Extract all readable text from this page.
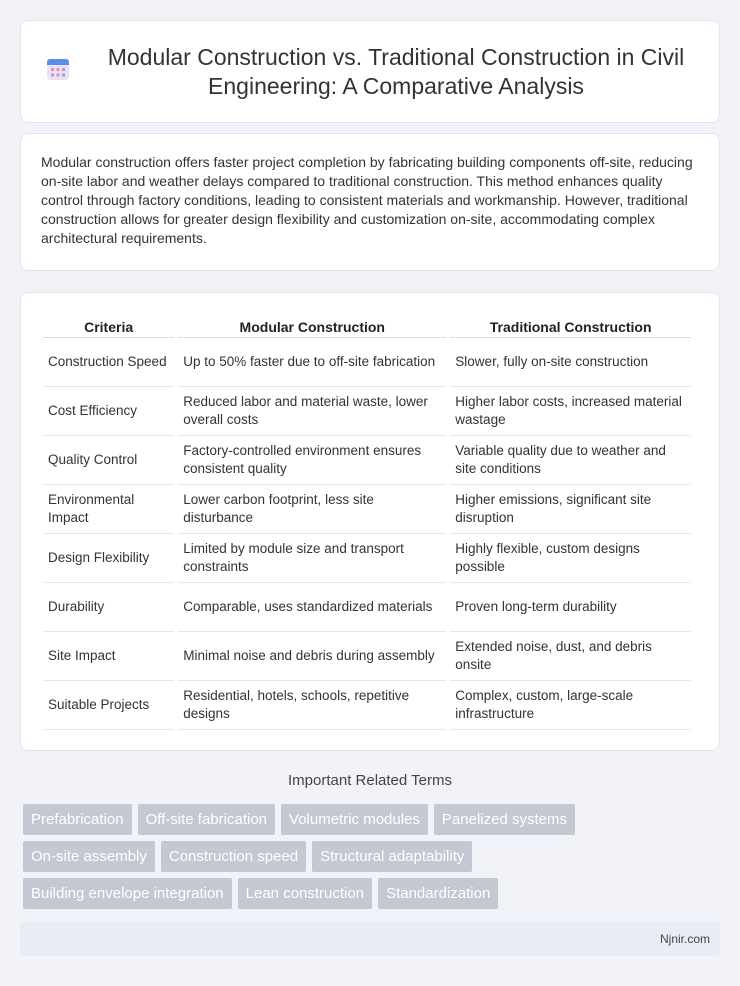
Modular Construction vs. Traditional Construction in Civil Engineering: A Comparative Analysis

Modular construction offers faster project completion by fabricating building components off-site, reducing on-site labor and weather delays compared to traditional construction. This method enhances quality control through factory conditions, leading to consistent materials and workmanship. However, traditional construction allows for greater design flexibility and customization on-site, accommodating complex architectural requirements.

Criteria	Modular Construction	Traditional Construction
Construction Speed	Up to 50% faster due to off-site fabrication	Slower, fully on-site construction
Cost Efficiency	Reduced labor and material waste, lower overall costs	Higher labor costs, increased material wastage
Quality Control	Factory-controlled environment ensures consistent quality	Variable quality due to weather and site conditions
Environmental Impact	Lower carbon footprint, less site disturbance	Higher emissions, significant site disruption
Design Flexibility	Limited by module size and transport constraints	Highly flexible, custom designs possible
Durability	Comparable, uses standardized materials	Proven long-term durability
Site Impact	Minimal noise and debris during assembly	Extended noise, dust, and debris onsite
Suitable Projects	Residential, hotels, schools, repetitive designs	Complex, custom, large-scale infrastructure
Important Related Terms
Prefabrication	Off-site fabrication	Volumetric modules	Panelized systems
On-site assembly	Construction speed	Structural adaptability
Building envelope integration	Lean construction	Standardization
Njnir.com
